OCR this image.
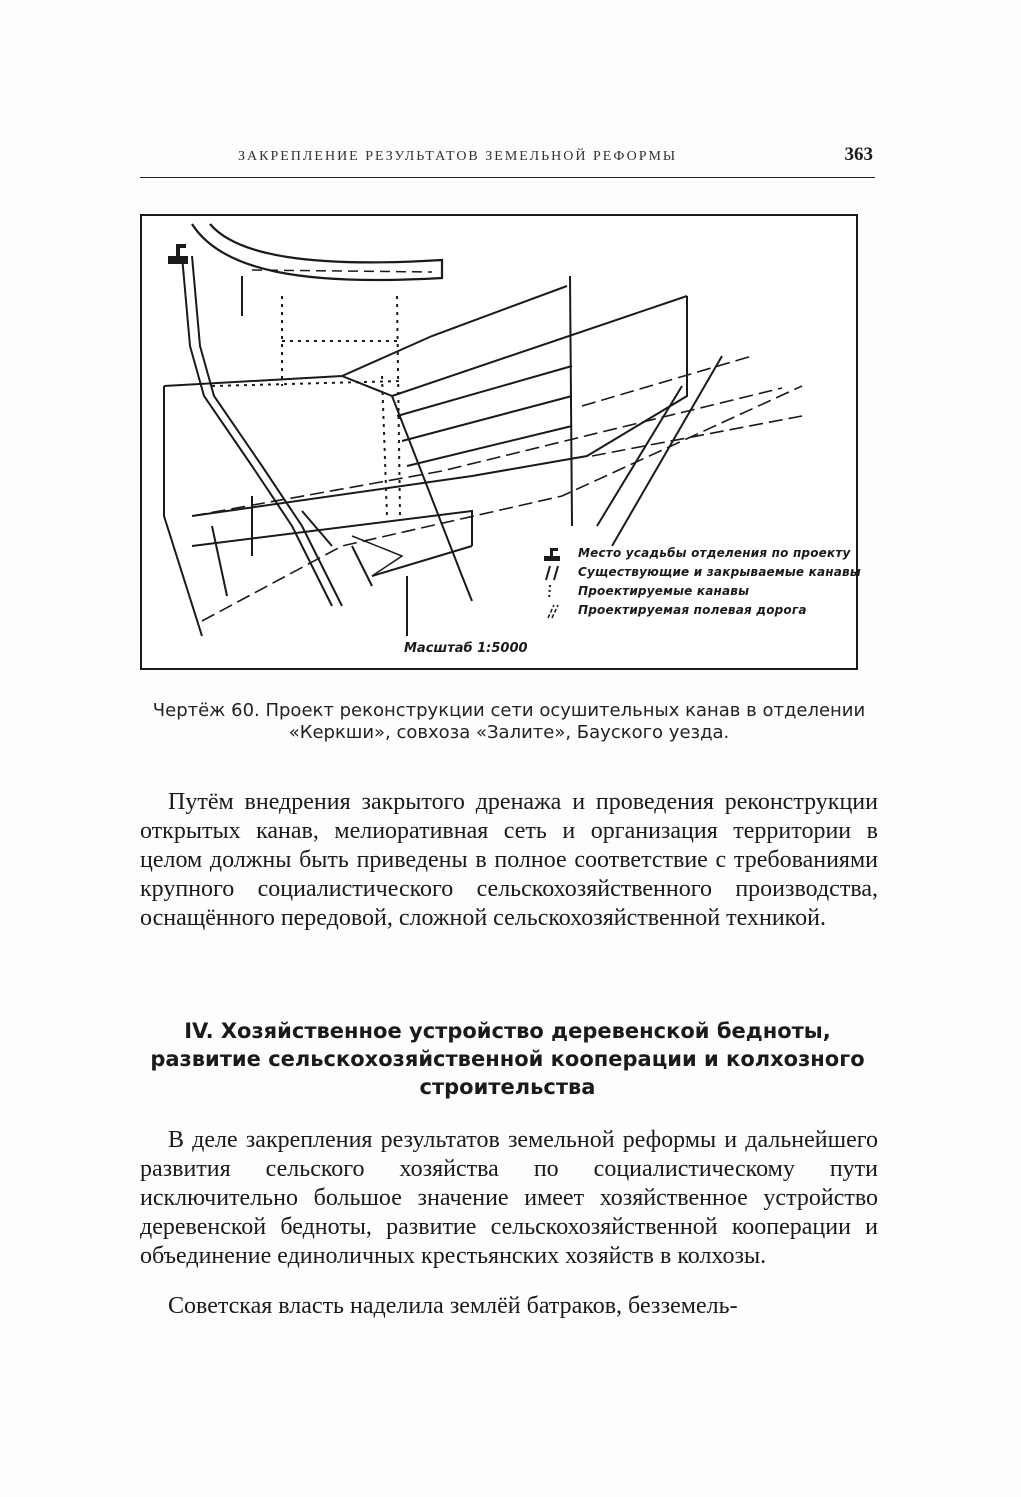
ЗАКРЕПЛЕНИЕ РЕЗУЛЬТАТОВ ЗЕМЕЛЬНОЙ РЕФОРМЫ	363
Место усадьбы отделения по проекту
Существующие и закрываемые канавы
Проектируемые канавы
Проектируемая полевая дорога
Масштаб 1:5000
Чертёж 60. Проект реконструкции сети осушительных канав в отделении «Керкши», совхоза «Залите», Бауского уезда.
Путём внедрения закрытого дренажа и проведения реконструкции открытых канав, мелиоративная сеть и организация территории в целом должны быть приведены в полное соответствие с требованиями крупного социалистического сельскохозяйственного производства, оснащённого передовой, сложной сельскохозяйственной техникой.
IV. Хозяйственное устройство деревенской бедноты, развитие сельскохозяйственной кооперации и колхозного строительства
В деле закрепления результатов земельной реформы и дальнейшего развития сельского хозяйства по социалистическому пути исключительно большое значение имеет хозяйственное устройство деревенской бедноты, развитие сельскохозяйственной кооперации и объединение единоличных крестьянских хозяйств в колхозы.
Советская власть наделила землёй батраков, безземель-
